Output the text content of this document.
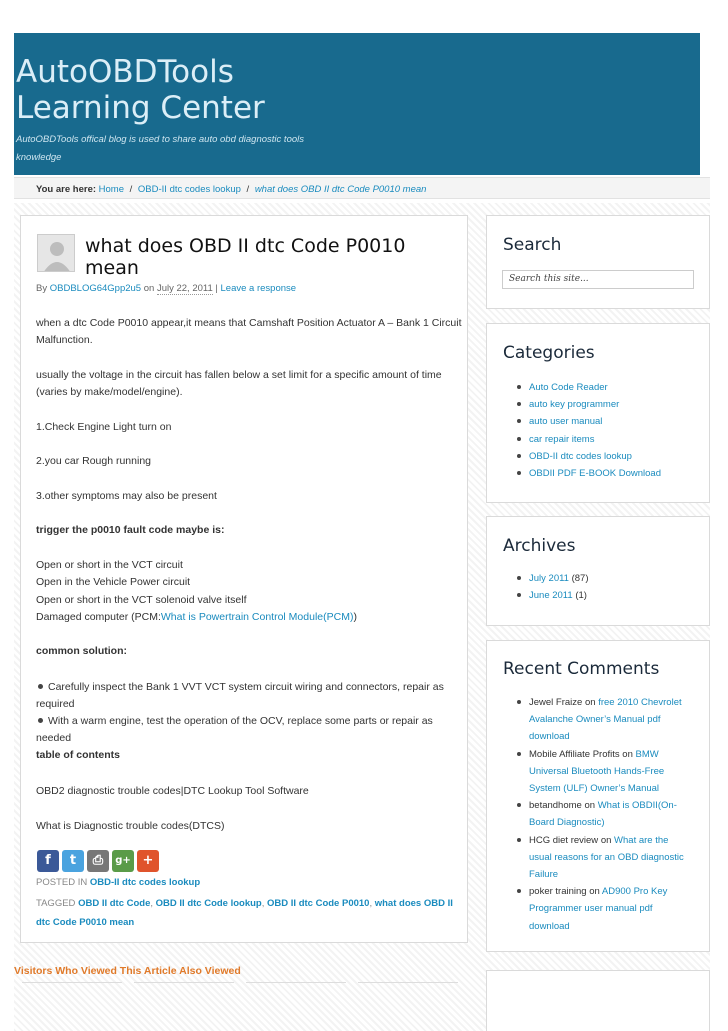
AutoOBDTools
Learning Center
AutoOBDTools offical blog is used to share auto obd diagnostic tools knowledge
You are here: Home / OBD-II dtc codes lookup / what does OBD II dtc Code P0010 mean
what does OBD II dtc Code P0010 mean
By OBDBLOG64Gpp2u5 on July 22, 2011 | Leave a response
when a dtc Code P0010 appear,it means that Camshaft Position Actuator A – Bank 1 Circuit
Malfunction.
usually the voltage in the circuit has fallen below a set limit for a specific amount of time
(varies by make/model/engine).
1.Check Engine Light turn on
2.you car Rough running
3.other symptoms may also be present
trigger the p0010 fault code maybe is:
Open or short in the VCT circuit
Open in the Vehicle Power circuit
Open or short in the VCT solenoid valve itself
Damaged computer (PCM:What is Powertrain Control Module(PCM))
common solution:
Carefully inspect the Bank 1 VVT VCT system circuit wiring and connectors, repair as
required
With a warm engine, test the operation of the OCV, replace some parts or repair as
needed
table of contents
OBD2 diagnostic trouble codes|DTC Lookup Tool Software
What is Diagnostic trouble codes(DTCS)
f	t	⎙	g+ +
POSTED IN OBD-II dtc codes lookup
TAGGED OBD II dtc Code, OBD II dtc Code lookup, OBD II dtc Code P0010, what does OBD II dtc Code P0010 mean
Search
Search this site...
Categories
Auto Code Reader
auto key programmer
auto user manual
car repair items
OBD-II dtc codes lookup
OBDII PDF E-BOOK Download
Archives
July 2011 (87)
June 2011 (1)
Recent Comments
Jewel Fraize on free 2010 Chevrolet
Avalanche Owner’s Manual pdf
download
Mobile Affiliate Profits on BMW
Universal Bluetooth Hands-Free
System (ULF) Owner’s Manual
betandhome on What is OBDII(On-
Board Diagnostic)
HCG diet review on What are the
usual reasons for an OBD diagnostic
Failure
poker training on AD900 Pro Key
Programmer user manual pdf
download
Visitors Who Viewed This Article Also Viewed
